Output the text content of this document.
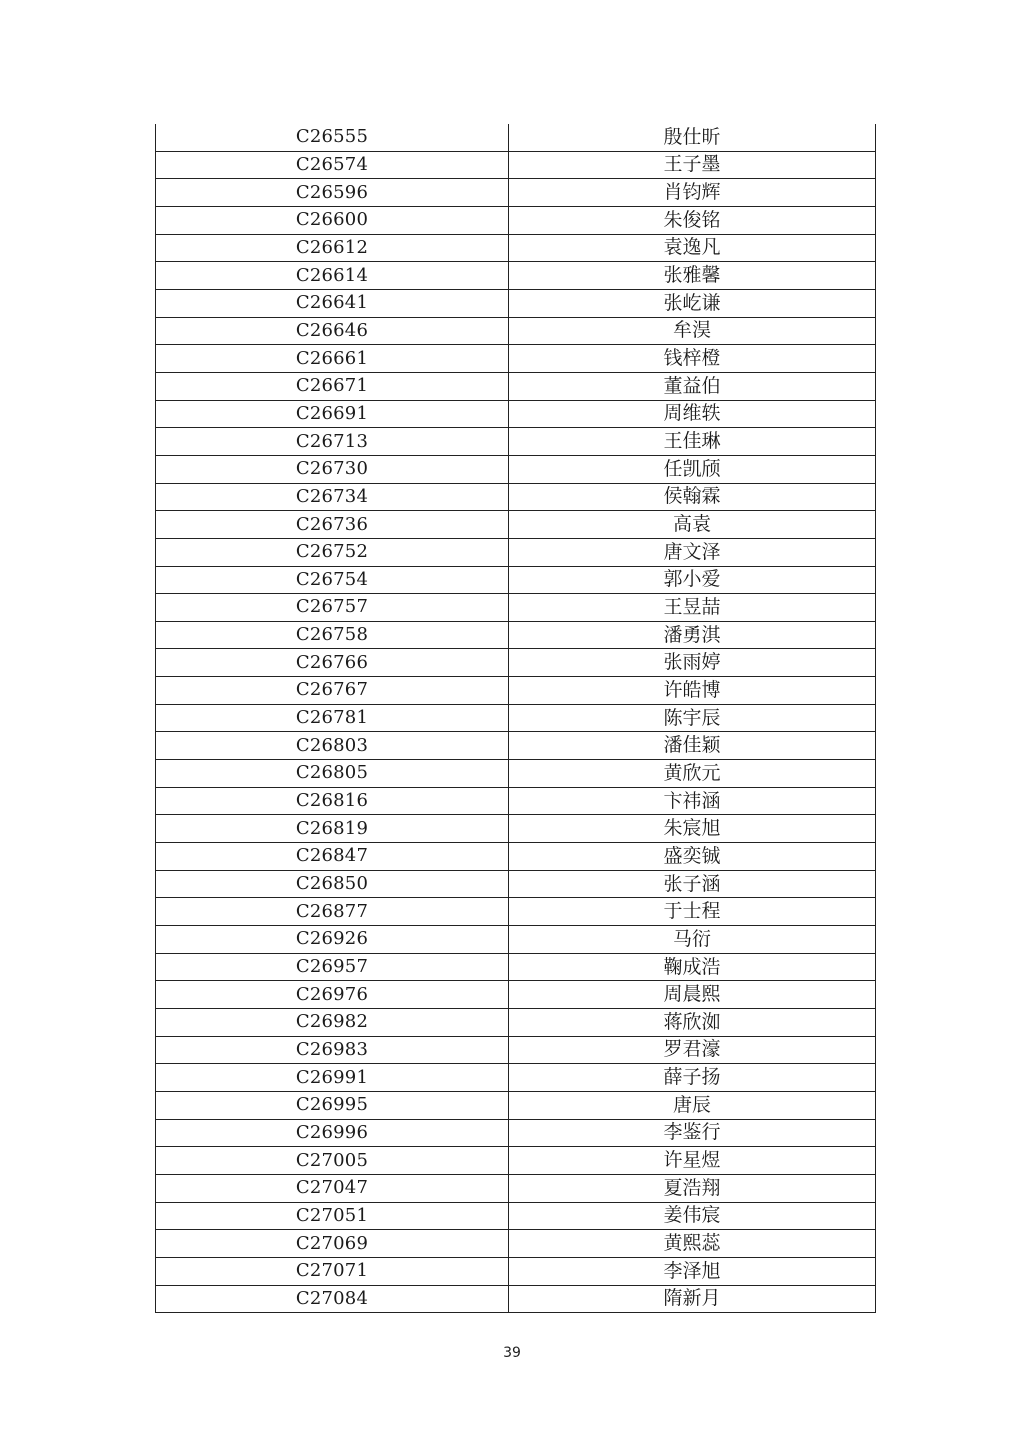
C26555	殷仕昕
C26574	王子墨
C26596	肖钧辉
C26600	朱俊铭
C26612	袁逸凡
C26614	张雅馨
C26641	张屹谦
C26646	牟淏
C26661	钱梓橙
C26671	董益伯
C26691	周维轶
C26713	王佳琳
C26730	任凯颀
C26734	侯翰霖
C26736	高袁
C26752	唐文泽
C26754	郭小爱
C26757	王昱喆
C26758	潘勇淇
C26766	张雨婷
C26767	许皓博
C26781	陈宇辰
C26803	潘佳颖
C26805	黄欣元
C26816	卞祎涵
C26819	朱宸旭
C26847	盛奕铖
C26850	张子涵
C26877	于士程
C26926	马衍
C26957	鞠成浩
C26976	周晨熙
C26982	蒋欣洳
C26983	罗君濠
C26991	薛子扬
C26995	唐辰
C26996	李鉴行
C27005	许星煜
C27047	夏浩翔
C27051	姜伟宸
C27069	黄熙蕊
C27071	李泽旭
C27084	隋新月
39
